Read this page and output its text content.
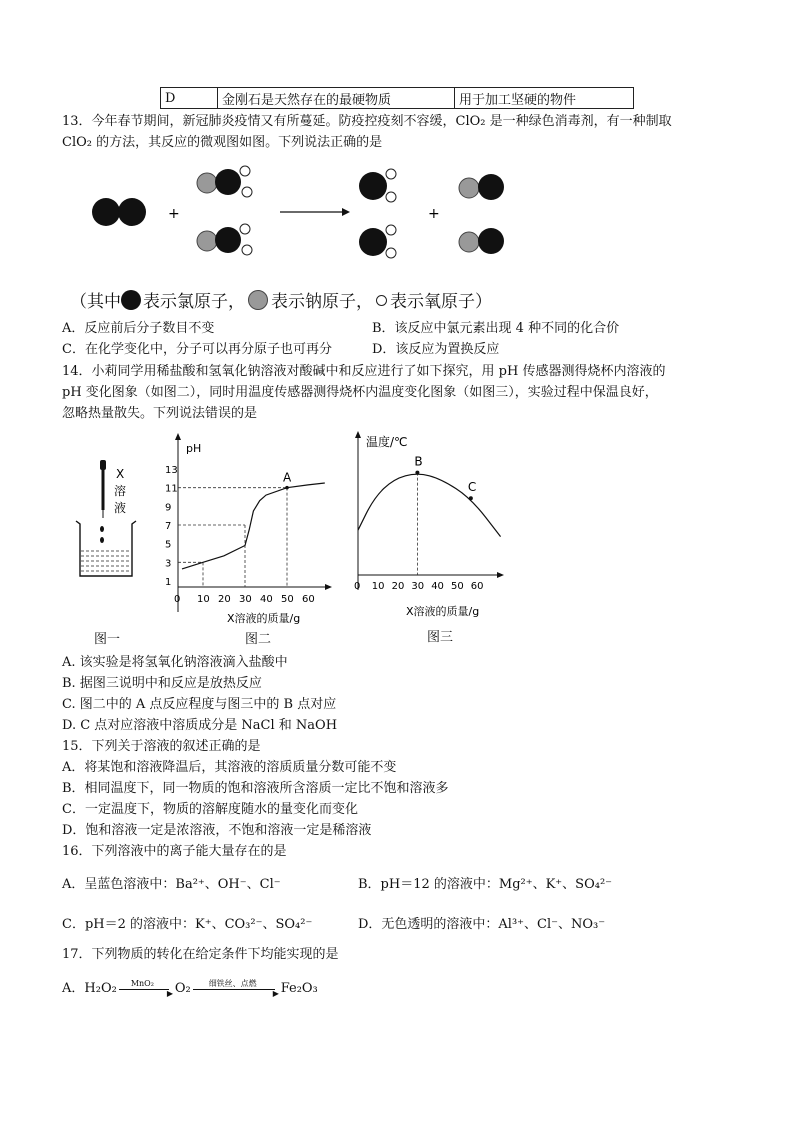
D	金刚石是天然存在的最硬物质	用于加工坚硬的物件
13．今年春节期间，新冠肺炎疫情又有所蔓延。防疫控疫刻不容缓，ClO₂ 是一种绿色消毒剂，有一种制取
ClO₂ 的方法，其反应的微观图如图。下列说法正确的是
+	+
（其中 表示氯原子， 表示钠原子， 表示氧原子）
A．反应前后分子数目不变	B．该反应中氯元素出现 4 种不同的化合价
C．在化学变化中，分子可以再分原子也可再分	D．该反应为置换反应
14．小莉同学用稀盐酸和氢氧化钠溶液对酸碱中和反应进行了如下探究，用 pH 传感器测得烧杯内溶液的
pH 变化图象（如图二），同时用温度传感器测得烧杯内温度变化图象（如图三），实验过程中保温良好，
忽略热量散失。下列说法错误的是
X
溶
液
图一
pH
1
3
5
7
9
11
13
0 10 20 30 40 50 60
A
X溶液的质量/g
图二
温度/℃
0 10 20 30 40 50 60
B
C
X溶液的质量/g
图三
A. 该实验是将氢氧化钠溶液滴入盐酸中
B. 据图三说明中和反应是放热反应
C. 图二中的 A 点反应程度与图三中的 B 点对应
D. C 点对应溶液中溶质成分是 NaCl 和 NaOH
15．下列关于溶液的叙述正确的是
A．将某饱和溶液降温后，其溶液的溶质质量分数可能不变
B．相同温度下，同一物质的饱和溶液所含溶质一定比不饱和溶液多
C．一定温度下，物质的溶解度随水的量变化而变化
D．饱和溶液一定是浓溶液，不饱和溶液一定是稀溶液
16．下列溶液中的离子能大量存在的是
A．呈蓝色溶液中：Ba²⁺、OH⁻、Cl⁻	B．pH＝12 的溶液中：Mg²⁺、K⁺、SO₄²⁻
C．pH＝2 的溶液中：K⁺、CO₃²⁻、SO₄²⁻	D．无色透明的溶液中：Al³⁺、Cl⁻、NO₃⁻
17．下列物质的转化在给定条件下均能实现的是
A．H₂O₂ MnO₂
▶ O₂ 细铁丝、点燃
▶ Fe₂O₃
